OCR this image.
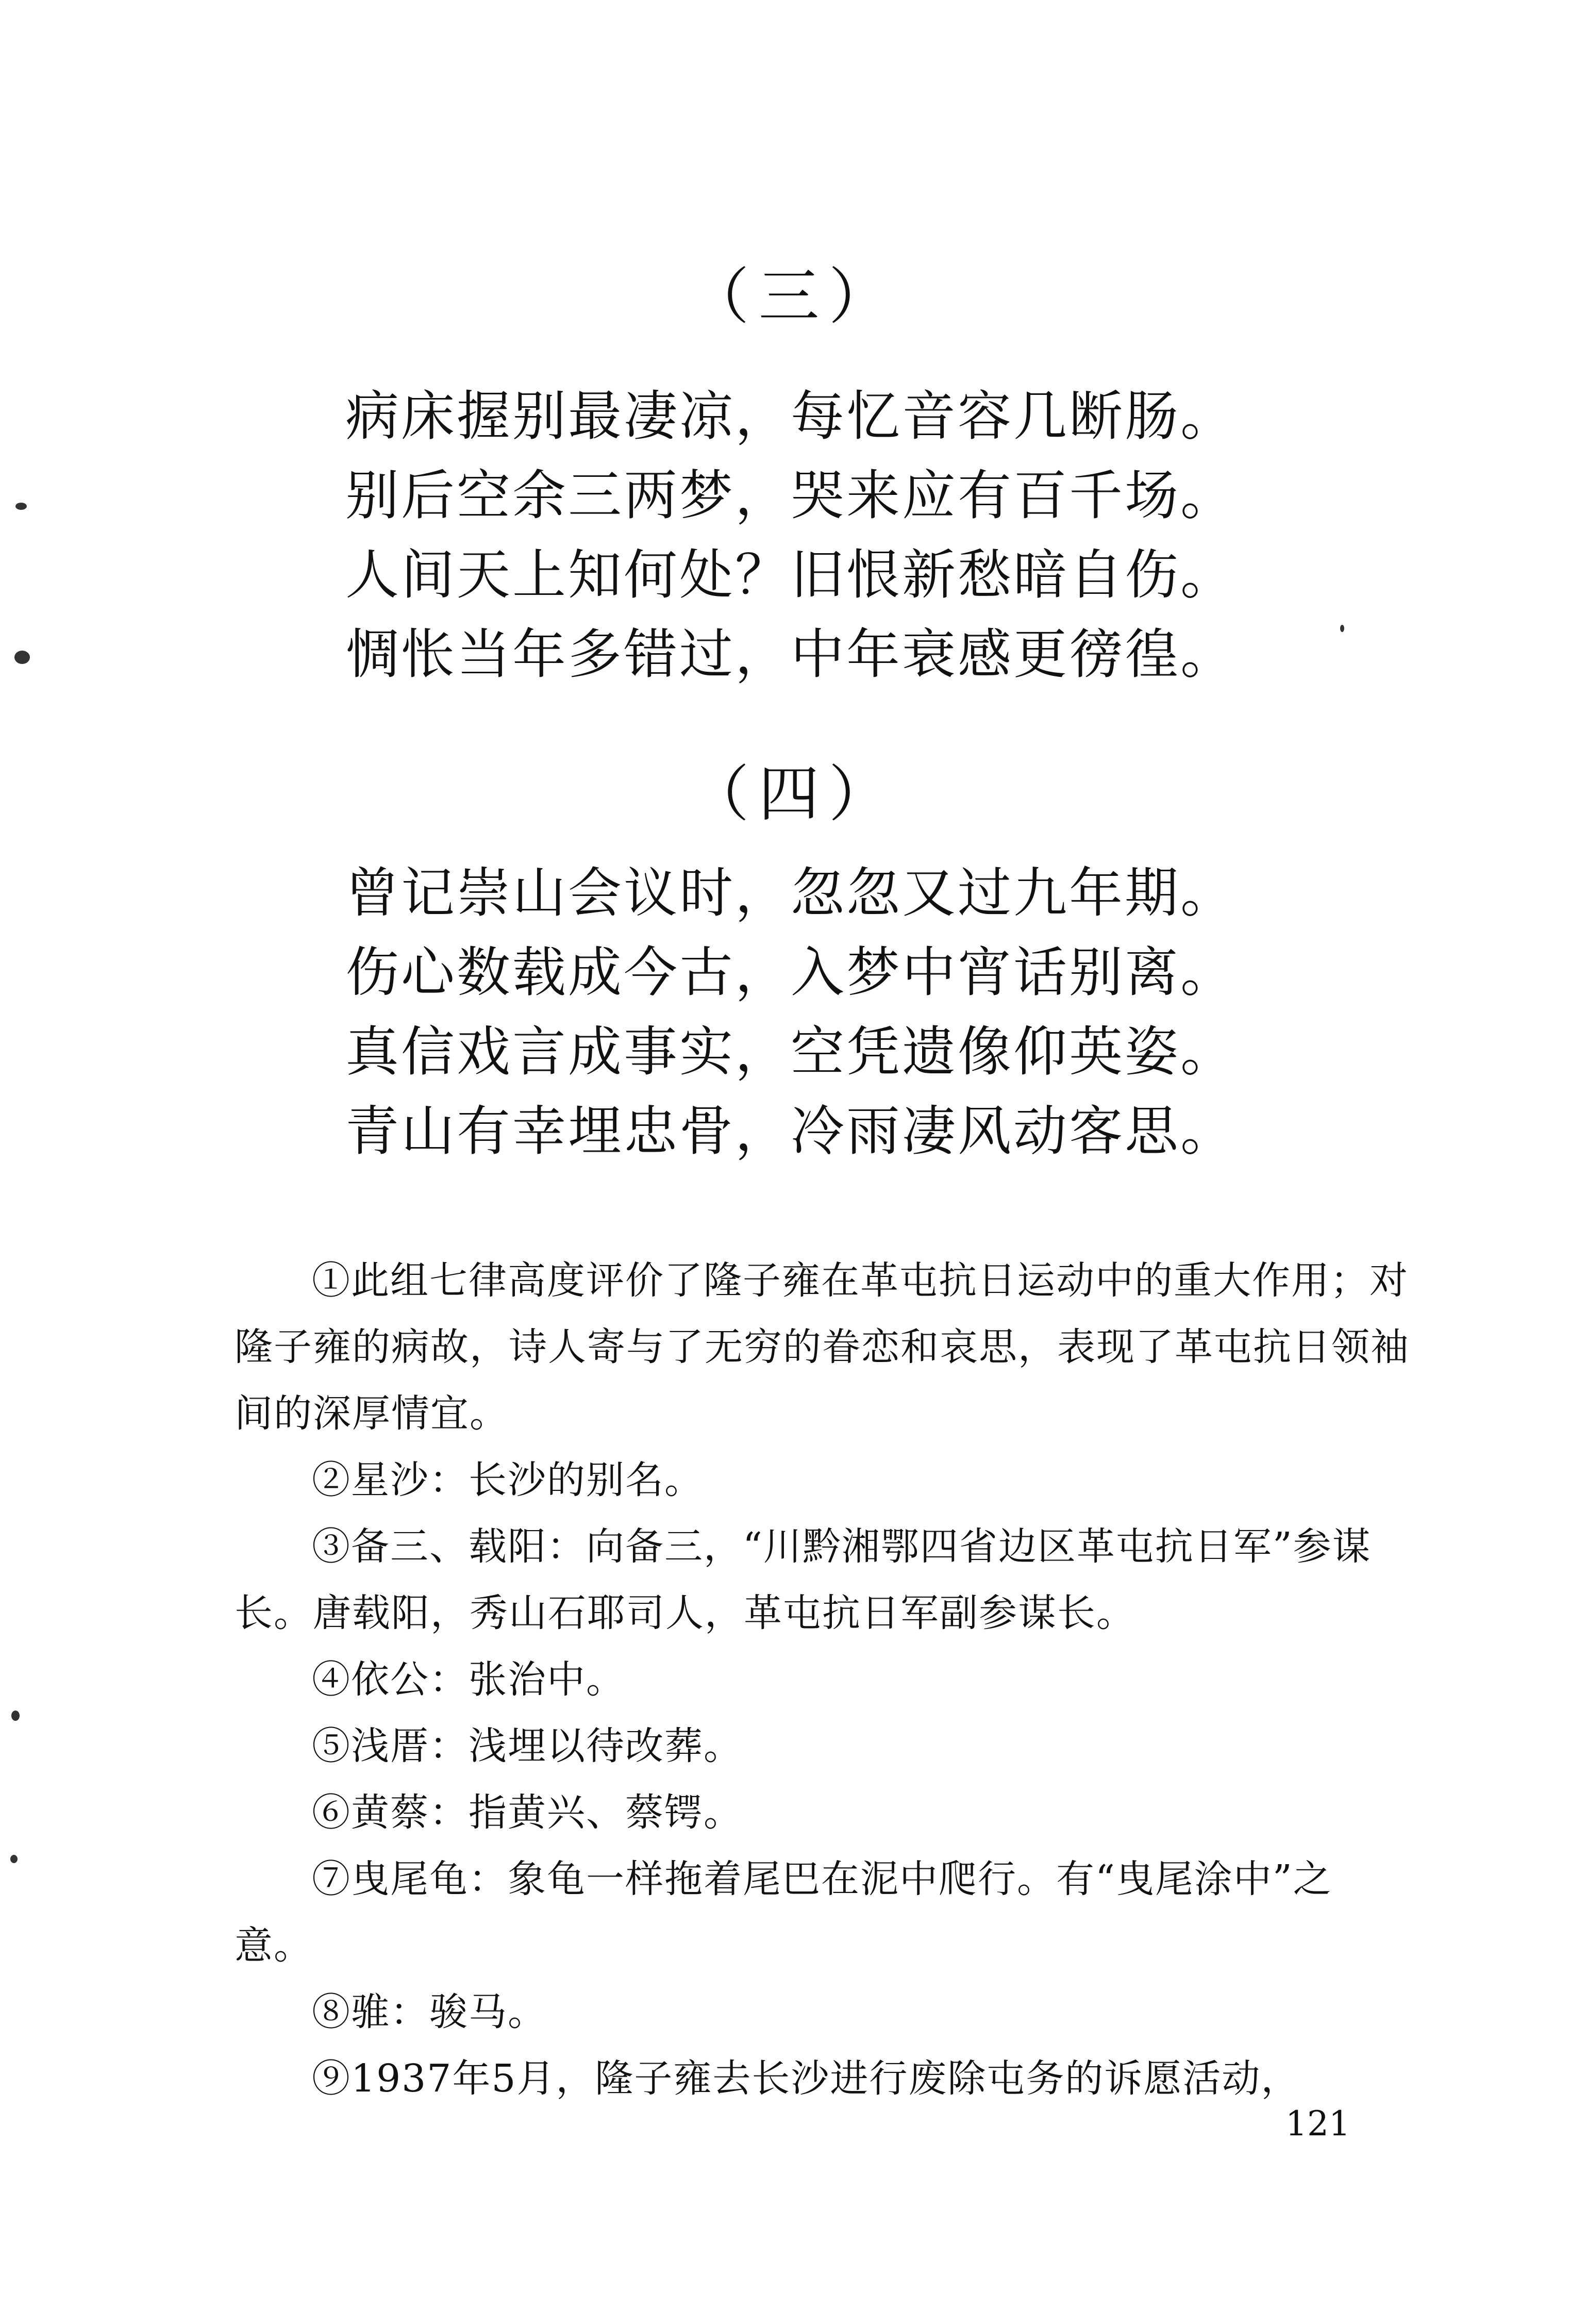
（三）
病床握别最凄凉，每忆音容几断肠。
别后空余三两梦，哭来应有百千场。
人间天上知何处？旧恨新愁暗自伤。
惆怅当年多错过，中年衰感更徬徨。
（四）
曾记崇山会议时，忽忽又过九年期。
伤心数载成今古，入梦中宵话别离。
真信戏言成事实，空凭遗像仰英姿。
青山有幸埋忠骨，冷雨凄风动客思。

①此组七律高度评价了隆子雍在革屯抗日运动中的重大作用；对隆子雍的病故，诗人寄与了无穷的眷恋和哀思，表现了革屯抗日领袖间的深厚情宜。

②星沙：长沙的别名。

③备三、载阳：向备三，“川黔湘鄂四省边区革屯抗日军”参谋长。唐载阳，秀山石耶司人，革屯抗日军副参谋长。

④依公：张治中。

⑤浅厝：浅埋以待改葬。

⑥黄蔡：指黄兴、蔡锷。

⑦曳尾龟：象龟一样拖着尾巴在泥中爬行。有“曳尾涂中”之意。

⑧骓：骏马。

⑨1937年5月，隆子雍去长沙进行废除屯务的诉愿活动，

121
